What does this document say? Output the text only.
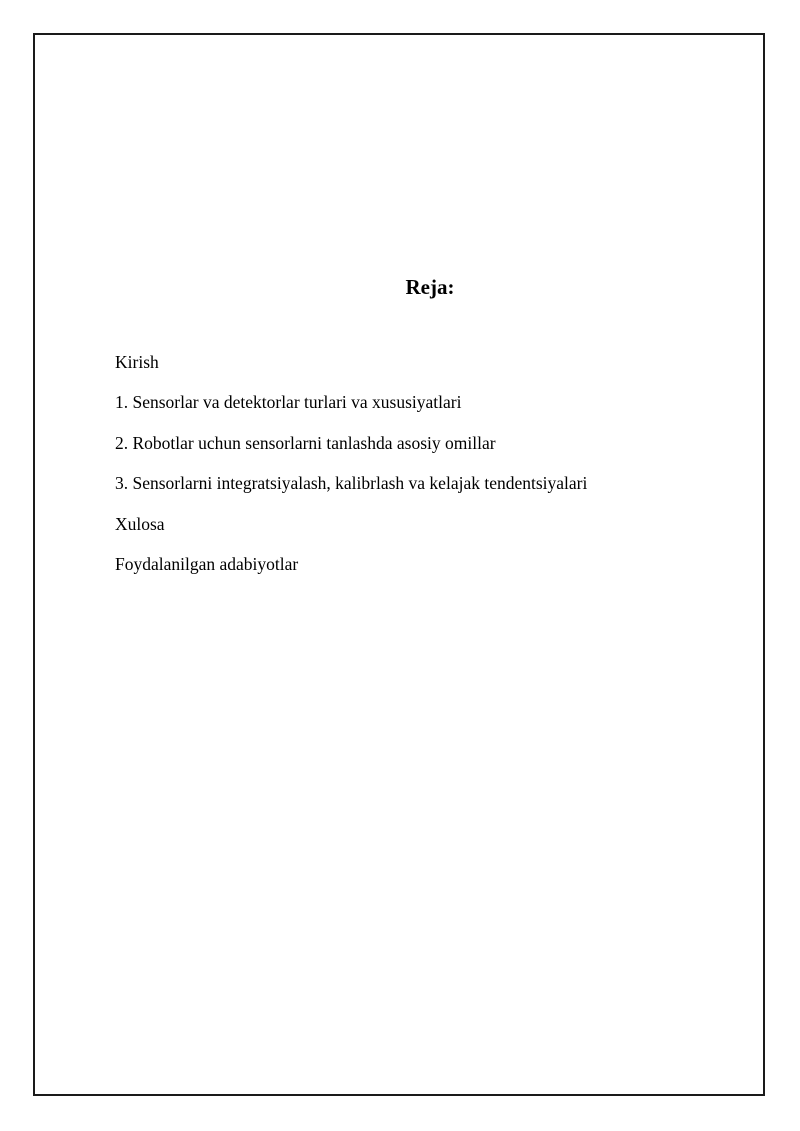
Reja:
Kirish
1. Sensorlar va detektorlar turlari va xususiyatlari
2. Robotlar uchun sensorlarni tanlashda asosiy omillar
3. Sensorlarni integratsiyalash, kalibrlash va kelajak tendentsiyalari
Xulosa
Foydalanilgan adabiyotlar
